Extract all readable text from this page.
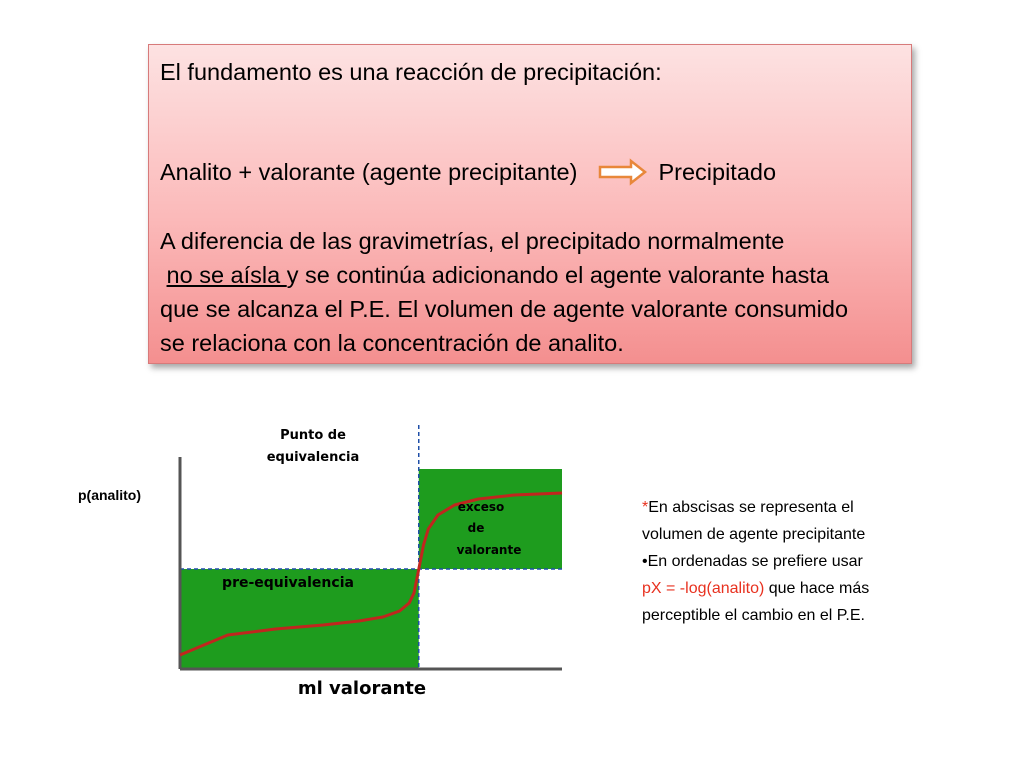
El fundamento es una reacción de precipitación:
Analito + valorante (agente precipitante)	Precipitado
A diferencia de las gravimetrías, el precipitado normalmente
no se aísla y se continúa adicionando el agente valorante hasta
que se alcanza el P.E. El volumen de agente valorante consumido
se relaciona con la concentración de analito.
p(analito)
Punto de
equivalencia
pre-equivalencia
exceso
de
valorante
ml valorante
*En abscisas se representa el
volumen de agente precipitante
•En ordenadas se prefiere usar
pX = -log(analito) que hace más
perceptible el cambio en el P.E.
